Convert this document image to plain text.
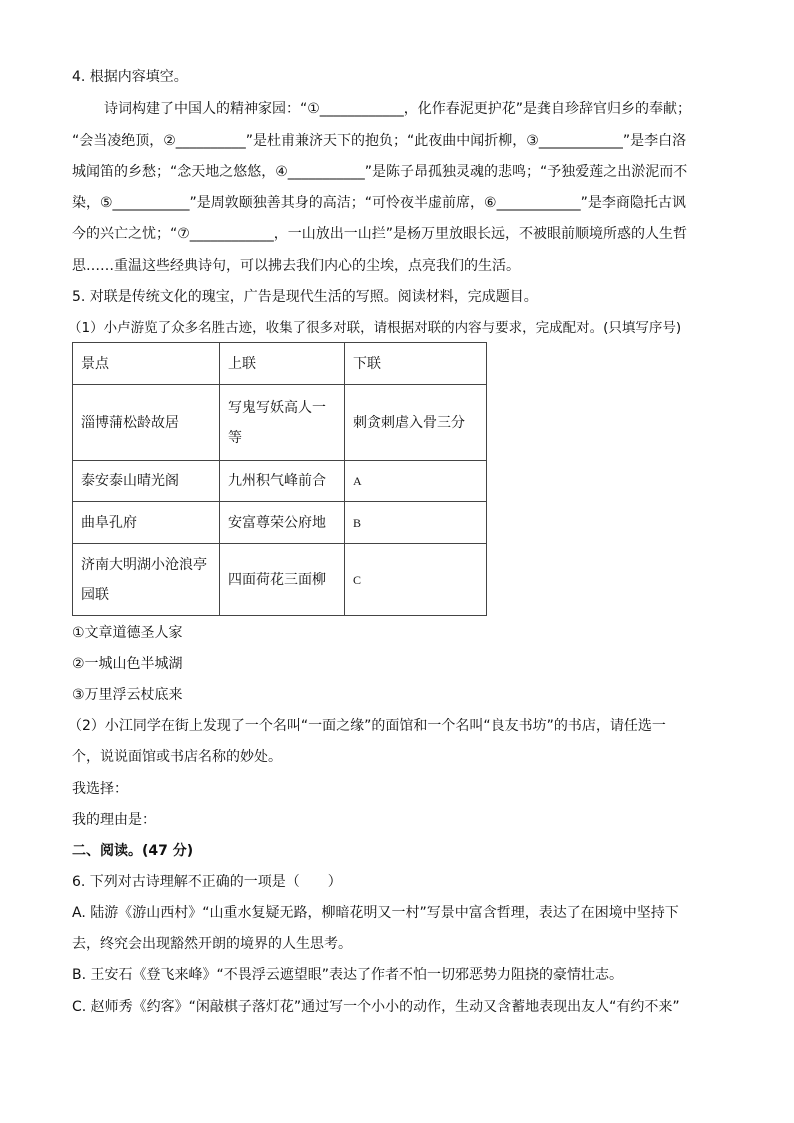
4. 根据内容填空。
诗词构建了中国人的精神家园：“①____________，化作春泥更护花”是龚自珍辞官归乡的奉献；
“会当凌绝顶，②__________”是杜甫兼济天下的抱负；“此夜曲中闻折柳，③____________”是李白洛
城闻笛的乡愁；“念天地之悠悠，④___________”是陈子昂孤独灵魂的悲鸣；“予独爱莲之出淤泥而不
染，⑤___________”是周敦颐独善其身的高洁；“可怜夜半虚前席，⑥____________”是李商隐托古讽
今的兴亡之忧；“⑦____________，一山放出一山拦”是杨万里放眼长远，不被眼前顺境所惑的人生哲
思……重温这些经典诗句，可以拂去我们内心的尘埃，点亮我们的生活。
5. 对联是传统文化的瑰宝，广告是现代生活的写照。阅读材料，完成题目。
（1）小卢游览了众多名胜古迹，收集了很多对联，请根据对联的内容与要求，完成配对。(只填写序号)
景点	上联	下联
淄博蒲松龄故居	写鬼写妖高人一等	刺贪刺虐入骨三分
泰安泰山晴光阁	九州积气峰前合	A
曲阜孔府	安富尊荣公府地	B
济南大明湖小沧浪亭园联	四面荷花三面柳	C
①文章道德圣人家
②一城山色半城湖
③万里浮云杖底来
（2）小江同学在街上发现了一个名叫“一面之缘”的面馆和一个名叫“良友书坊”的书店，请任选一
个，说说面馆或书店名称的妙处。
我选择：
我的理由是：
二、阅读。(47 分)
6. 下列对古诗理解不正确的一项是（　　）
A. 陆游《游山西村》“山重水复疑无路，柳暗花明又一村”写景中富含哲理，表达了在困境中坚持下
去，终究会出现豁然开朗的境界的人生思考。
B. 王安石《登飞来峰》“不畏浮云遮望眼”表达了作者不怕一切邪恶势力阻挠的豪情壮志。
C. 赵师秀《约客》“闲敲棋子落灯花”通过写一个小小的动作，生动又含蓄地表现出友人“有约不来”
